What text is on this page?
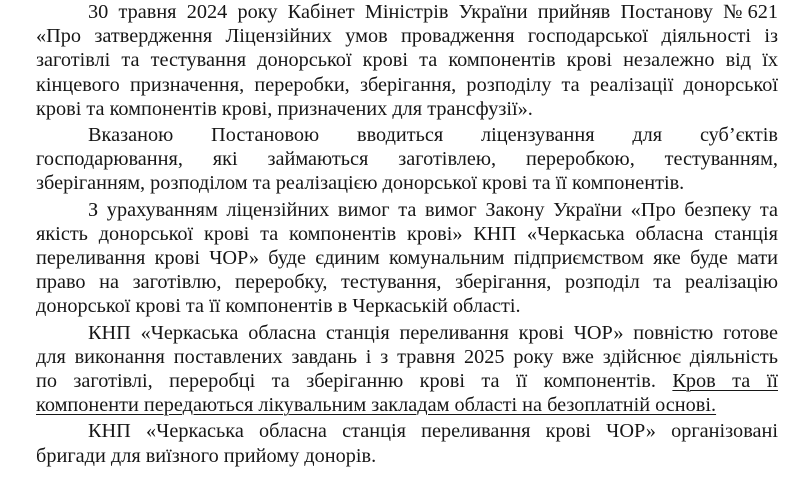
30 травня 2024 року Кабінет Міністрів України прийняв Постанову №621
«Про затвердження Ліцензійних умов провадження господарської діяльності із
заготівлі та тестування донорської крові та компонентів крові незалежно від їх
кінцевого призначення, переробки, зберігання, розподілу та реалізації донорської
крові та компонентів крові, призначених для трансфузії».

Вказаною Постановою вводиться ліцензування для суб’єктів
господарювання, які займаються заготівлею, переробкою, тестуванням,
зберіганням, розподілом та реалізацією донорської крові та її компонентів.

З урахуванням ліцензійних вимог та вимог Закону України «Про безпеку та
якість донорської крові та компонентів крові» КНП «Черкаська обласна станція
переливання крові ЧОР» буде єдиним комунальним підприємством яке буде мати
право на заготівлю, переробку, тестування, зберігання, розподіл та реалізацію
донорської крові та її компонентів в Черкаській області.

КНП «Черкаська обласна станція переливання крові ЧОР» повністю готове
для виконання поставлених завдань і з травня 2025 року вже здійснює діяльність
по заготівлі, переробці та зберіганню крові та її компонентів. Кров та її
компоненти передаються лікувальним закладам області на безоплатній основі.

КНП «Черкаська обласна станція переливання крові ЧОР» організовані
бригади для виїзного прийому донорів.
